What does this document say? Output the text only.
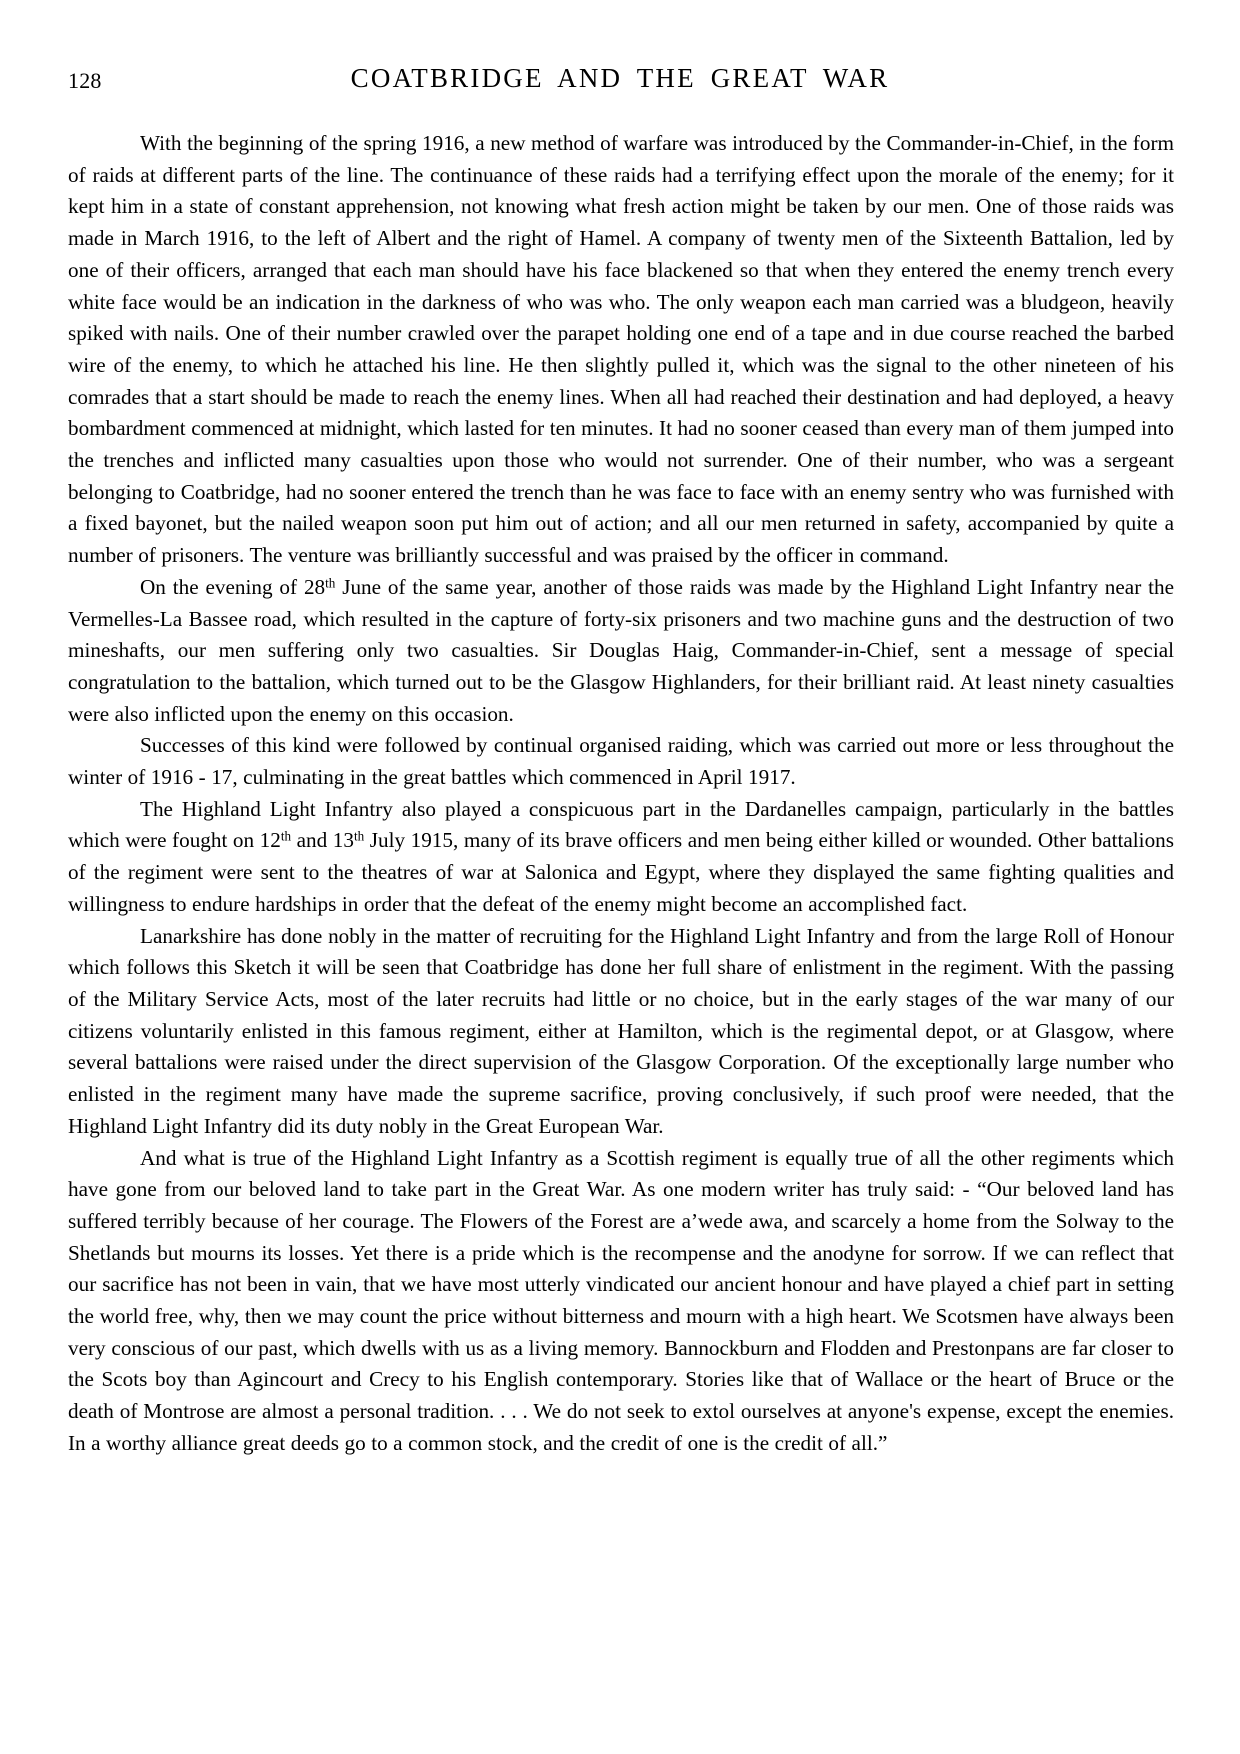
128	COATBRIDGE AND THE GREAT WAR

With the beginning of the spring 1916, a new method of warfare was introduced by the Commander-in-Chief, in the form of raids at different parts of the line. The continuance of these raids had a terrifying effect upon the morale of the enemy; for it kept him in a state of constant apprehension, not knowing what fresh action might be taken by our men. One of those raids was made in March 1916, to the left of Albert and the right of Hamel. A company of twenty men of the Sixteenth Battalion, led by one of their officers, arranged that each man should have his face blackened so that when they entered the enemy trench every white face would be an indication in the darkness of who was who. The only weapon each man carried was a bludgeon, heavily spiked with nails. One of their number crawled over the parapet holding one end of a tape and in due course reached the barbed wire of the enemy, to which he attached his line. He then slightly pulled it, which was the signal to the other nineteen of his comrades that a start should be made to reach the enemy lines. When all had reached their destination and had deployed, a heavy bombardment commenced at midnight, which lasted for ten minutes. It had no sooner ceased than every man of them jumped into the trenches and inflicted many casualties upon those who would not surrender. One of their number, who was a sergeant belonging to Coatbridge, had no sooner entered the trench than he was face to face with an enemy sentry who was furnished with a fixed bayonet, but the nailed weapon soon put him out of action; and all our men returned in safety, accompanied by quite a number of prisoners. The venture was brilliantly successful and was praised by the officer in command.

On the evening of 28th June of the same year, another of those raids was made by the Highland Light Infantry near the Vermelles-La Bassee road, which resulted in the capture of forty-six prisoners and two machine guns and the destruction of two mineshafts, our men suffering only two casualties. Sir Douglas Haig, Commander-in-Chief, sent a message of special congratulation to the battalion, which turned out to be the Glasgow Highlanders, for their brilliant raid. At least ninety casualties were also inflicted upon the enemy on this occasion.

Successes of this kind were followed by continual organised raiding, which was carried out more or less throughout the winter of 1916 - 17, culminating in the great battles which commenced in April 1917.

The Highland Light Infantry also played a conspicuous part in the Dardanelles campaign, particularly in the battles which were fought on 12th and 13th July 1915, many of its brave officers and men being either killed or wounded. Other battalions of the regiment were sent to the theatres of war at Salonica and Egypt, where they displayed the same fighting qualities and willingness to endure hardships in order that the defeat of the enemy might become an accomplished fact.

Lanarkshire has done nobly in the matter of recruiting for the Highland Light Infantry and from the large Roll of Honour which follows this Sketch it will be seen that Coatbridge has done her full share of enlistment in the regiment. With the passing of the Military Service Acts, most of the later recruits had little or no choice, but in the early stages of the war many of our citizens voluntarily enlisted in this famous regiment, either at Hamilton, which is the regimental depot, or at Glasgow, where several battalions were raised under the direct supervision of the Glasgow Corporation. Of the exceptionally large number who enlisted in the regiment many have made the supreme sacrifice, proving conclusively, if such proof were needed, that the Highland Light Infantry did its duty nobly in the Great European War.

And what is true of the Highland Light Infantry as a Scottish regiment is equally true of all the other regiments which have gone from our beloved land to take part in the Great War. As one modern writer has truly said: - “Our beloved land has suffered terribly because of her courage. The Flowers of the Forest are a’wede awa, and scarcely a home from the Solway to the Shetlands but mourns its losses. Yet there is a pride which is the recompense and the anodyne for sorrow. If we can reflect that our sacrifice has not been in vain, that we have most utterly vindicated our ancient honour and have played a chief part in setting the world free, why, then we may count the price without bitterness and mourn with a high heart. We Scotsmen have always been very conscious of our past, which dwells with us as a living memory. Bannockburn and Flodden and Prestonpans are far closer to the Scots boy than Agincourt and Crecy to his English contemporary. Stories like that of Wallace or the heart of Bruce or the death of Montrose are almost a personal tradition. . . . We do not seek to extol ourselves at anyone's expense, except the enemies. In a worthy alliance great deeds go to a common stock, and the credit of one is the credit of all.”
